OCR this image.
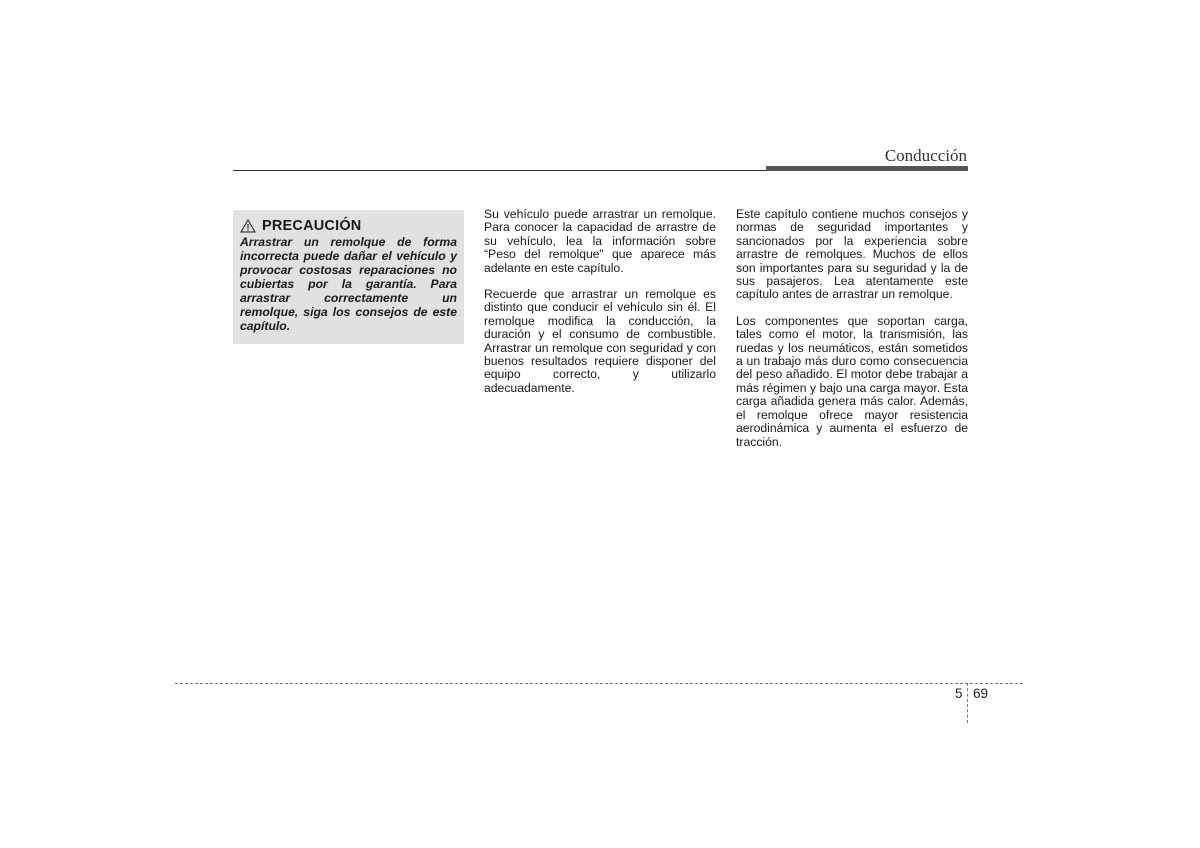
Conducción
PRECAUCIÓN

Arrastrar un remolque de forma incorrecta puede dañar el vehículo y provocar costosas reparaciones no cubiertas por la garantía. Para arrastrar correctamente un remolque, siga los consejos de este capítulo.

Su vehículo puede arrastrar un remolque. Para conocer la capacidad de arrastre de su vehículo, lea la información sobre “Peso del remolque” que aparece más adelante en este capítulo.

Recuerde que arrastrar un remolque es distinto que conducir el vehículo sin él. El remolque modifica la conducción, la duración y el consumo de combustible. Arrastrar un remolque con seguridad y con buenos resultados requiere disponer del equipo correcto, y utilizarlo adecuadamente.

Este capítulo contiene muchos consejos y normas de seguridad importantes y sancionados por la experiencia sobre arrastre de remolques. Muchos de ellos son importantes para su seguridad y la de sus pasajeros. Lea atentamente este capítulo antes de arrastrar un remolque.

Los componentes que soportan carga, tales como el motor, la transmisión, las ruedas y los neumáticos, están sometidos a un trabajo más duro como consecuencia del peso añadido. El motor debe trabajar a más régimen y bajo una carga mayor. Esta carga añadida genera más calor. Además, el remolque ofrece mayor resistencia aerodinámica y aumenta el esfuerzo de tracción.

5 69
